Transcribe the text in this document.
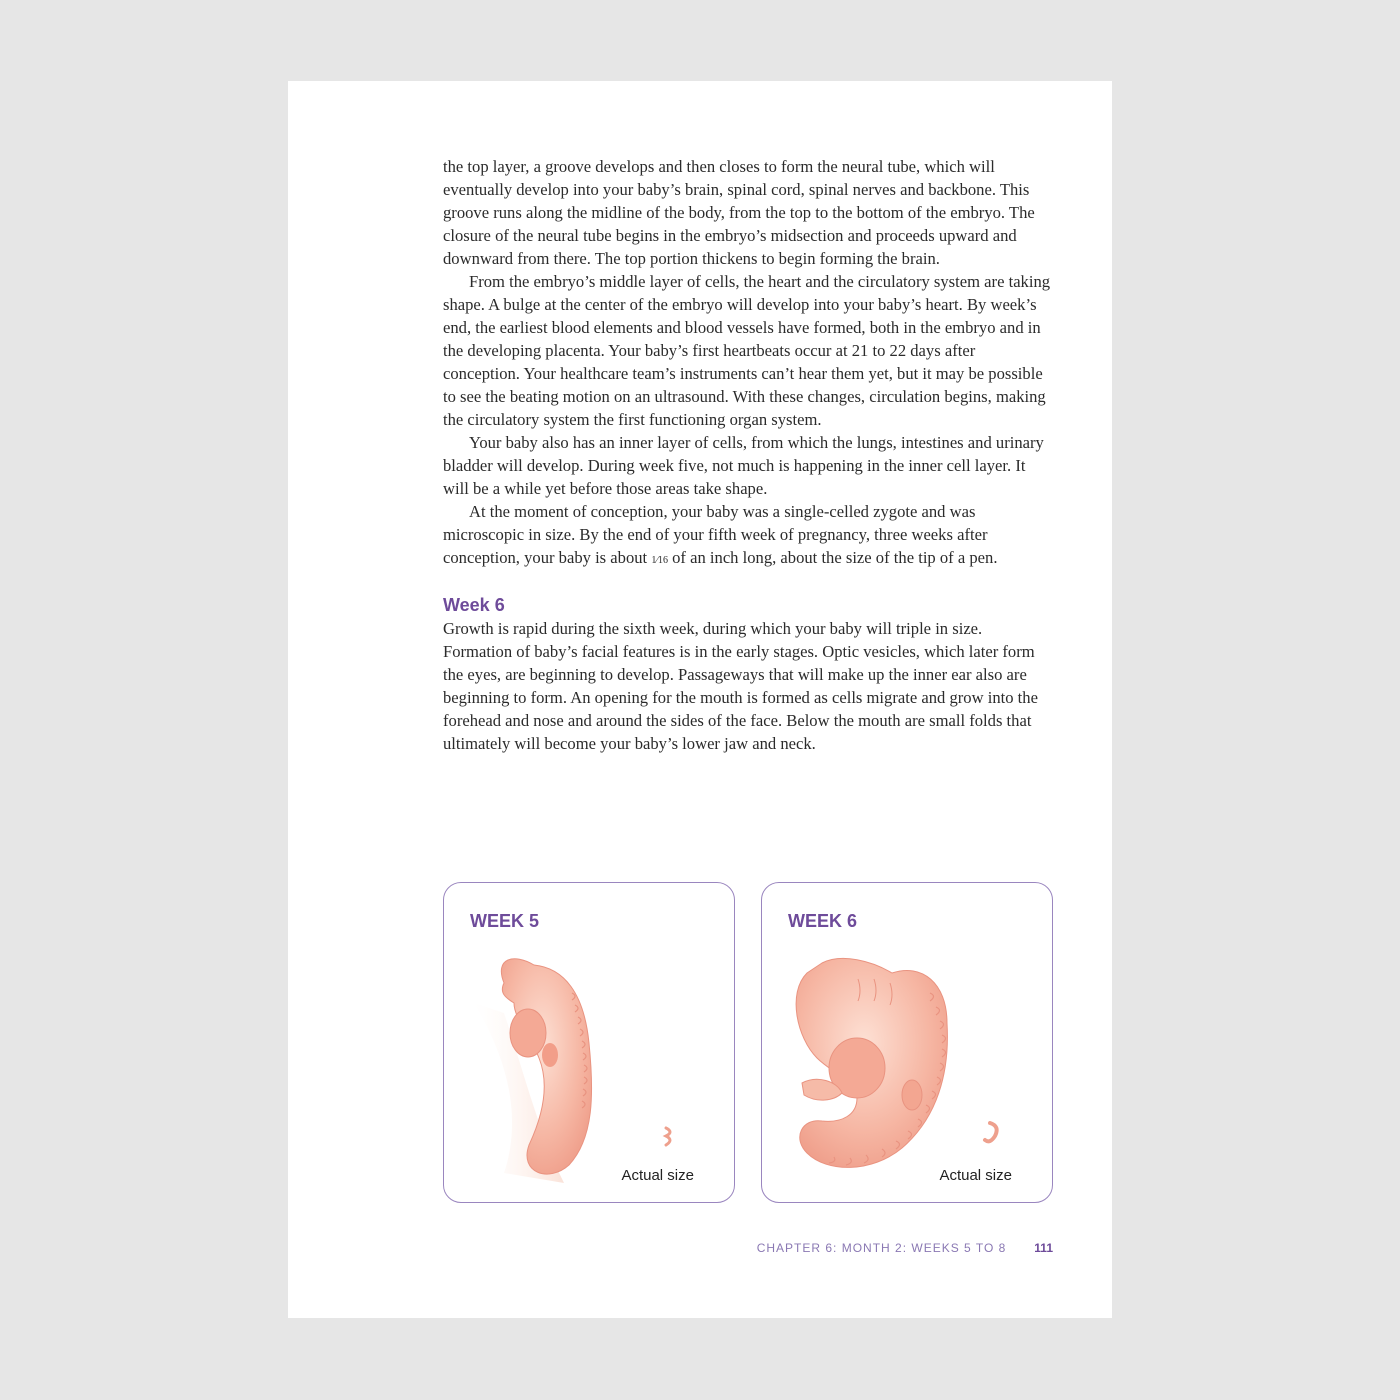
the top layer, a groove develops and then closes to form the neural tube, which will eventually develop into your baby’s brain, spinal cord, spinal nerves and backbone. This groove runs along the midline of the body, from the top to the bottom of the embryo. The closure of the neural tube begins in the embryo’s midsection and proceeds upward and downward from there. The top portion thickens to begin forming the brain.

From the embryo’s middle layer of cells, the heart and the circulatory system are taking shape. A bulge at the center of the embryo will develop into your baby’s heart. By week’s end, the earliest blood elements and blood vessels have formed, both in the embryo and in the developing placenta. Your baby’s first heartbeats occur at 21 to 22 days after conception. Your healthcare team’s instruments can’t hear them yet, but it may be possible to see the beating motion on an ultrasound. With these changes, circulation begins, making the circulatory system the first functioning organ system.

Your baby also has an inner layer of cells, from which the lungs, intestines and urinary bladder will develop. During week five, not much is happening in the inner cell layer. It will be a while yet before those areas take shape.

At the moment of conception, your baby was a single-celled zygote and was microscopic in size. By the end of your fifth week of pregnancy, three weeks after conception, your baby is about 1⁄16 of an inch long, about the size of the tip of a pen.

Week 6

Growth is rapid during the sixth week, during which your baby will triple in size. Formation of baby’s facial features is in the early stages. Optic vesicles, which later form the eyes, are beginning to develop. Passageways that will make up the inner ear also are beginning to form. An opening for the mouth is formed as cells migrate and grow into the forehead and nose and around the sides of the face. Below the mouth are small folds that ultimately will become your baby’s lower jaw and neck.

WEEK 5
Actual size
WEEK 6
Actual size
CHAPTER 6: MONTH 2: WEEKS 5 TO 8 111
